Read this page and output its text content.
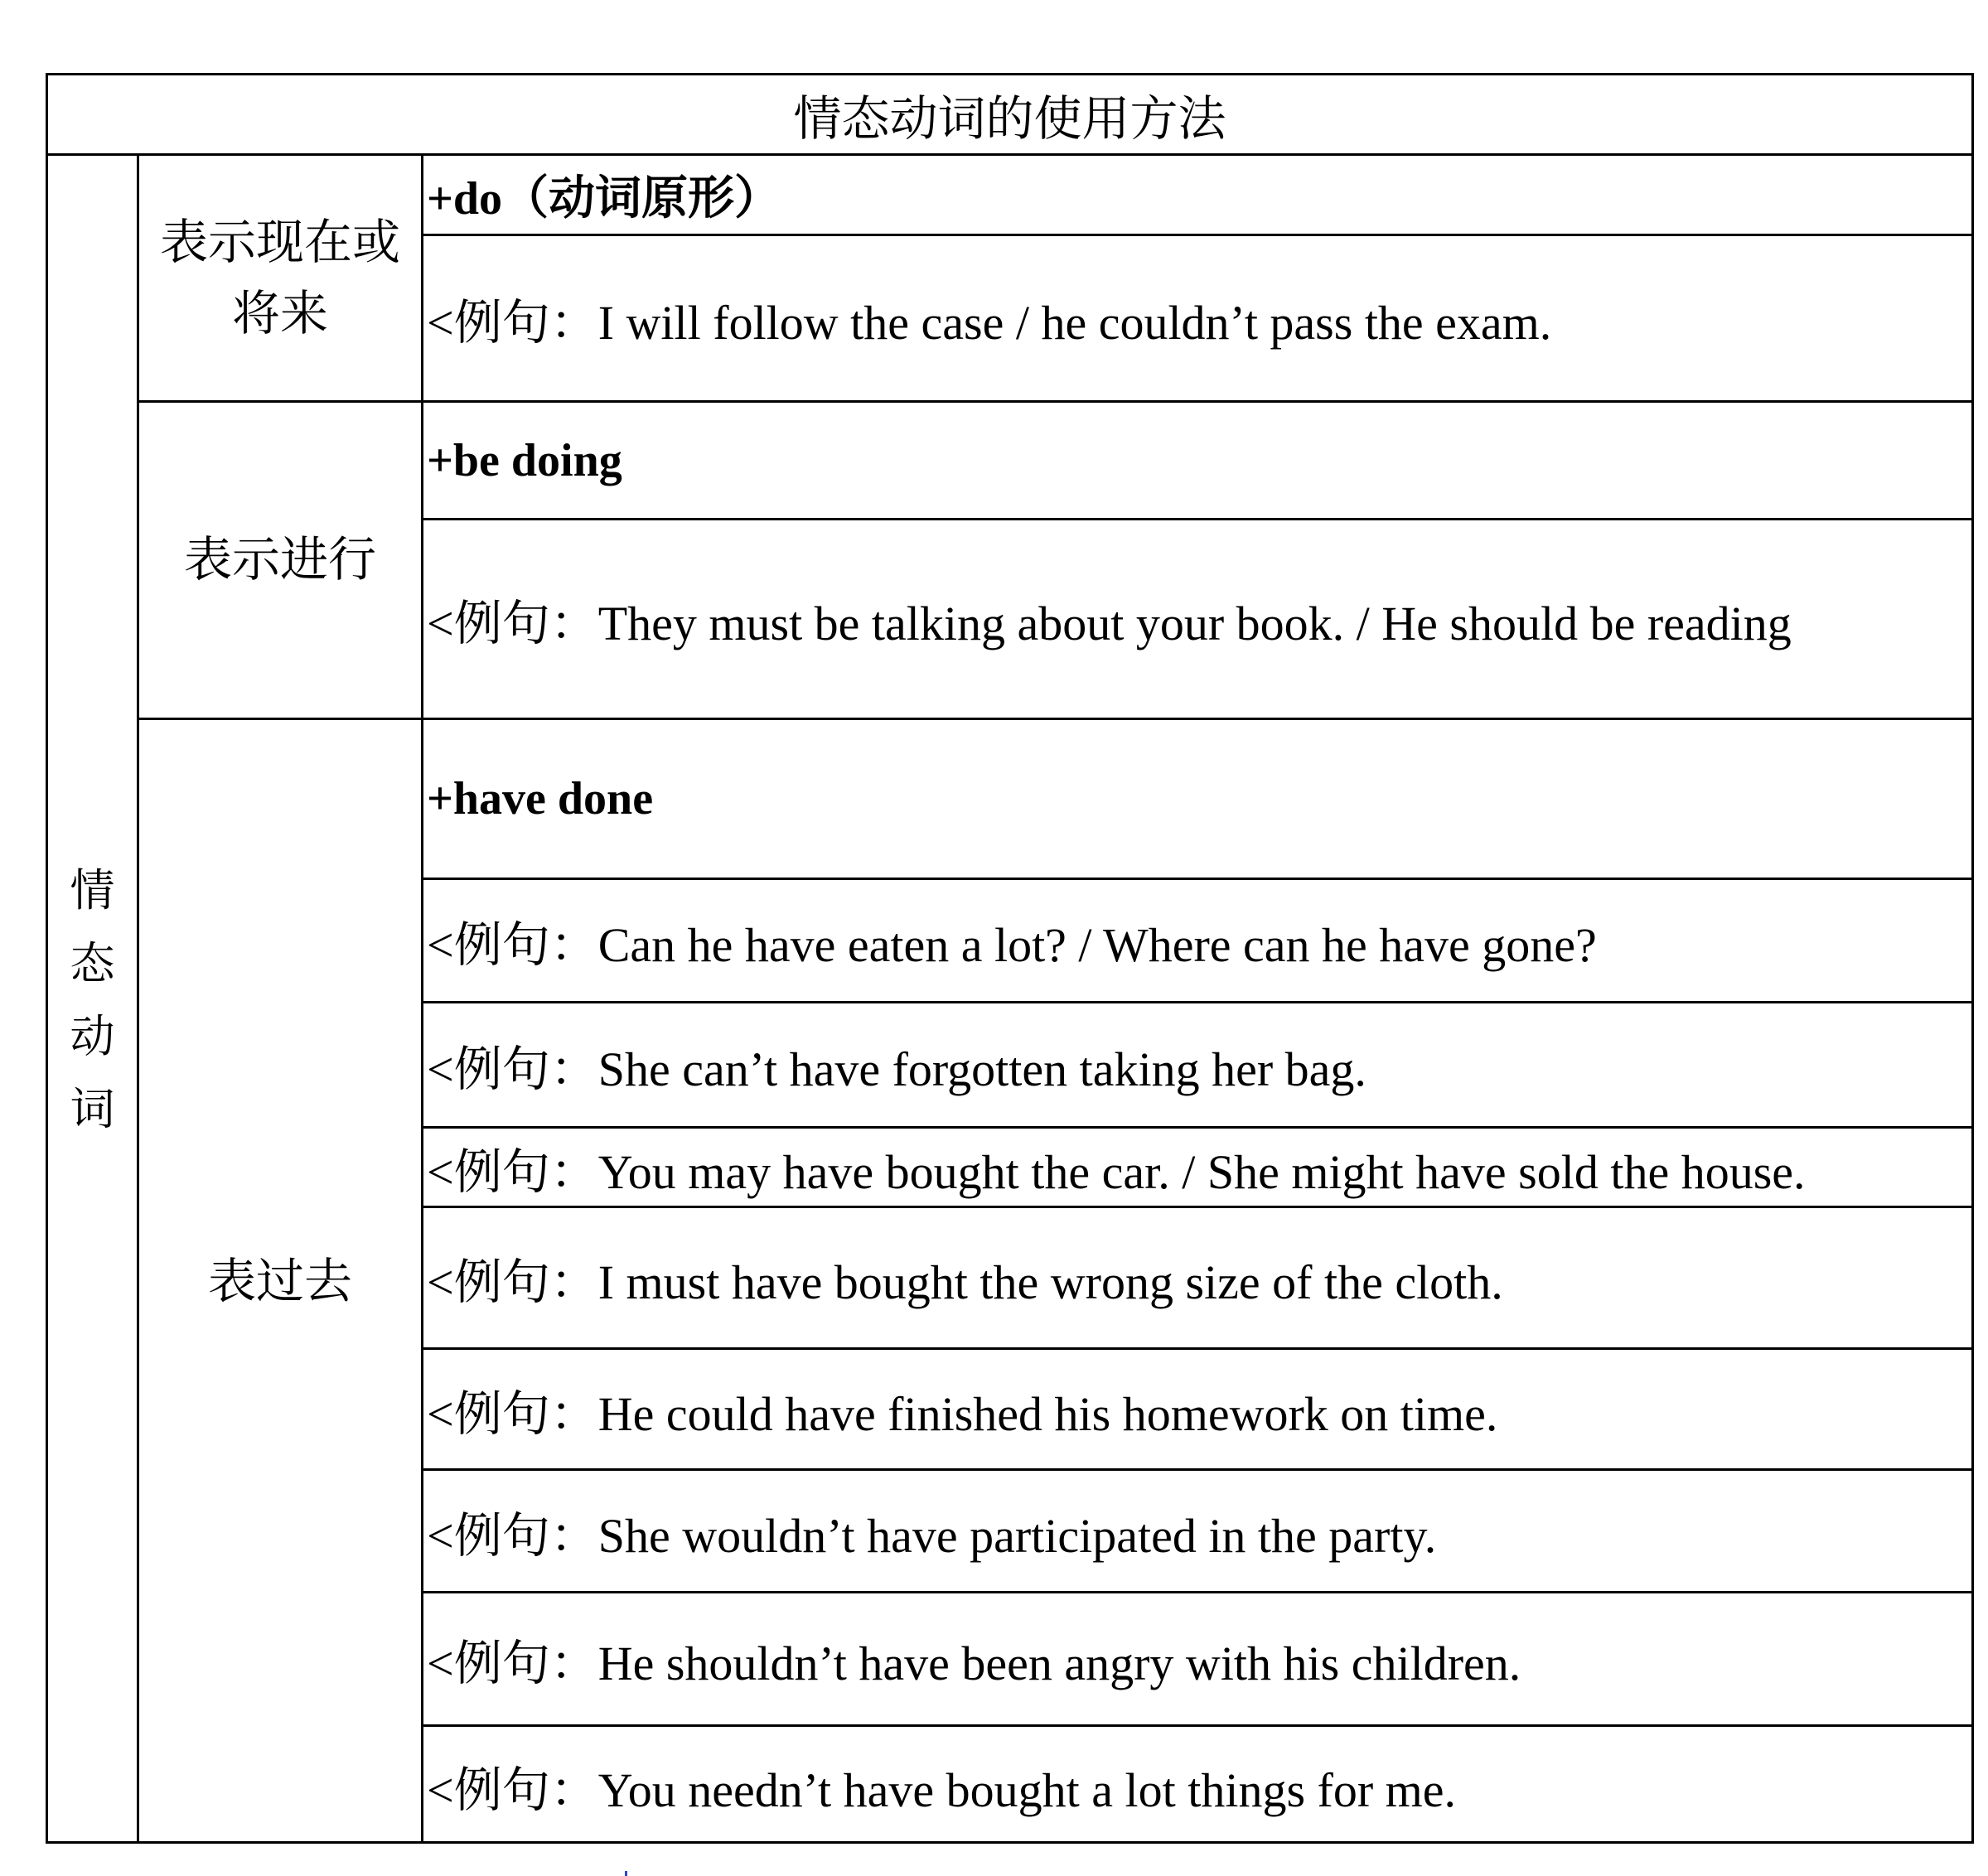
情态动词的使用方法
情
态
动
词
表示现在或
将来
表示进行
表过去
+do（动词原形）
<例句：I will follow the case / he couldn’t pass the exam.
+be doing
<例句：They must be talking about your book. / He should be reading
+have done
<例句：Can he have eaten a lot? / Where can he have gone?
<例句：She can’t have forgotten taking her bag.
<例句：You may have bought the car. / She might have sold the house.
<例句：I must have bought the wrong size of the cloth.
<例句：He could have finished his homework on time.
<例句：She wouldn’t have participated in the party.
<例句：He shouldn’t have been angry with his children.
<例句：You needn’t have bought a lot things for me.
